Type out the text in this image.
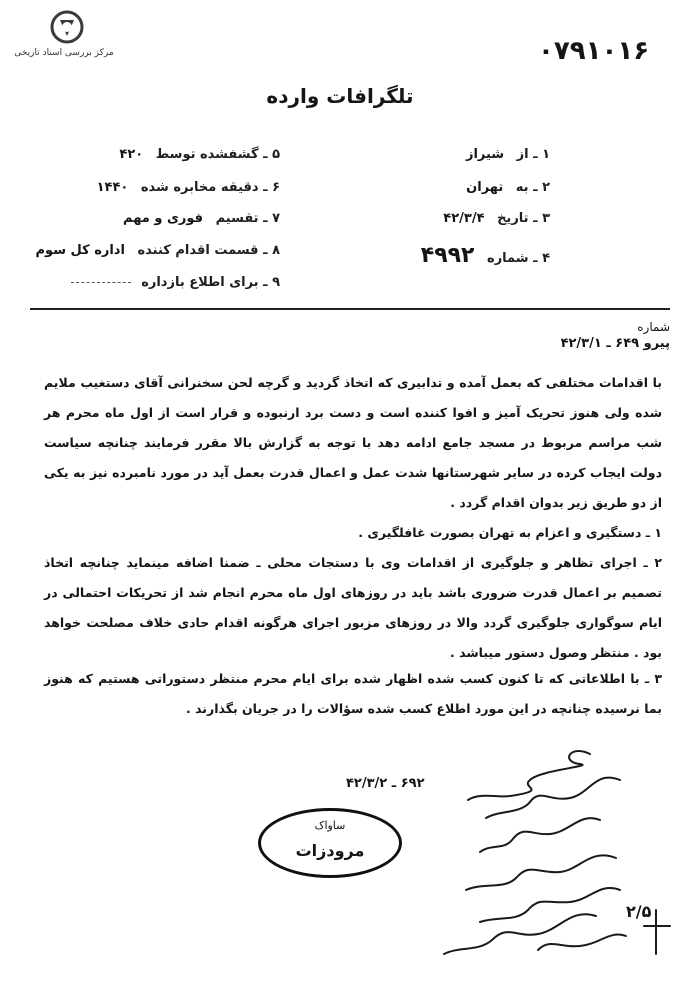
مرکز بررسی اسناد تاریخی	۰۷۹۱۰۱۶
تلگرافات وارده
۱ ـ از شیراز
۲ ـ به تهران
۳ ـ تاریخ ۴۲/۳/۴
۴ ـ شماره ۴۹۹۲
۵ ـ گشفشده توسط ۴۲۰
۶ ـ دقیقه مخابره شده ۱۴۴۰
۷ ـ تقسیم فوری و مهم
۸ ـ قسمت اقدام کننده اداره کل سوم
۹ ـ برای اطلاع بازداره
شماره
پیرو ۶۴۹ ـ ۴۲/۳/۱
با اقدامات مختلفی که بعمل آمده و تدابیری که اتخاذ گردید و گرچه لحن سخنرانی آقای دستغیب ملایم شده ولی هنوز تحریک آمیز و افوا کننده است و دست برد ارنبوده و قرار است از اول ماه محرم هر شب مراسم مربوط در مسجد جامع ادامه دهد با توجه به گزارش بالا مقرر فرمایند چنانچه سیاست دولت ایجاب کرده در سایر شهرستانها شدت عمل و اعمال قدرت بعمل آید در مورد نامبرده نیز به یکی از دو طریق زیر بدوان اقدام گردد .
۱ ـ دستگیری و اعزام به تهران بصورت غافلگیری .
۲ ـ اجرای تظاهر و جلوگیری از اقدامات وی با دستجات محلی ـ ضمنا اضافه مینماید چنانچه اتخاذ تصمیم بر اعمال قدرت ضروری باشد باید در روزهای اول ماه محرم انجام شد از تحریکات احتمالی در ایام سوگواری جلوگیری گردد والا در روزهای مزبور اجرای هرگونه اقدام حادی خلاف مصلحت خواهد بود . منتظر وصول دستور میباشد .
۳ ـ با اطلاعاتی که تا کنون کسب شده اظهار شده برای ایام محرم منتظر دستوراتی هستیم که هنوز بما نرسیده چنانچه در این مورد اطلاع کسب شده سؤالات را در جریان بگذارند .
۶۹۲ ـ ۴۲/۳/۲
ساواک
مرودزات
۲/۵
